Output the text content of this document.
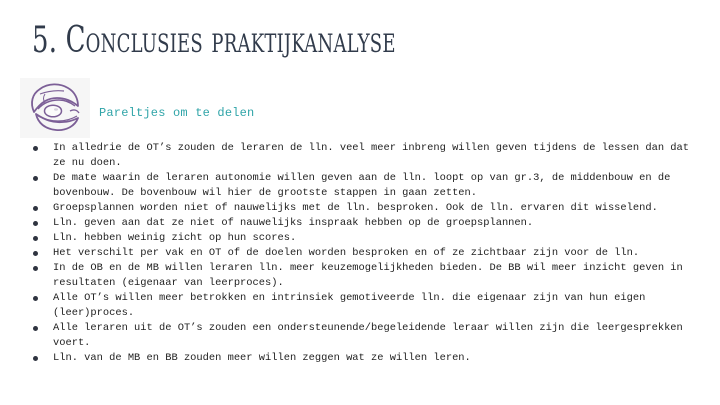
5. Conclusies praktijkanalyse
Pareltjes om te delen
In alledrie de OT’s zouden de leraren de lln. veel meer inbreng willen geven tijdens de lessen dan dat ze nu doen.
De mate waarin de leraren autonomie willen geven aan de lln. loopt op van gr.3, de middenbouw en de bovenbouw. De bovenbouw wil hier de grootste stappen in gaan zetten.
Groepsplannen worden niet of nauwelijks met de lln. besproken. Ook de lln. ervaren dit wisselend.
Lln. geven aan dat ze niet of nauwelijks inspraak hebben op de groepsplannen.
Lln. hebben weinig zicht op hun scores.
Het verschilt per vak en OT of de doelen worden besproken en of ze zichtbaar zijn voor de lln.
In de OB en de MB willen leraren lln. meer keuzemogelijkheden bieden. De BB wil meer inzicht geven in resultaten (eigenaar van leerproces).
Alle OT’s willen meer betrokken en intrinsiek gemotiveerde lln. die eigenaar zijn van hun eigen (leer)proces.
Alle leraren uit de OT’s zouden een ondersteunende/begeleidende leraar willen zijn die leergesprekken voert.
Lln. van de MB en BB zouden meer willen zeggen wat ze willen leren.
